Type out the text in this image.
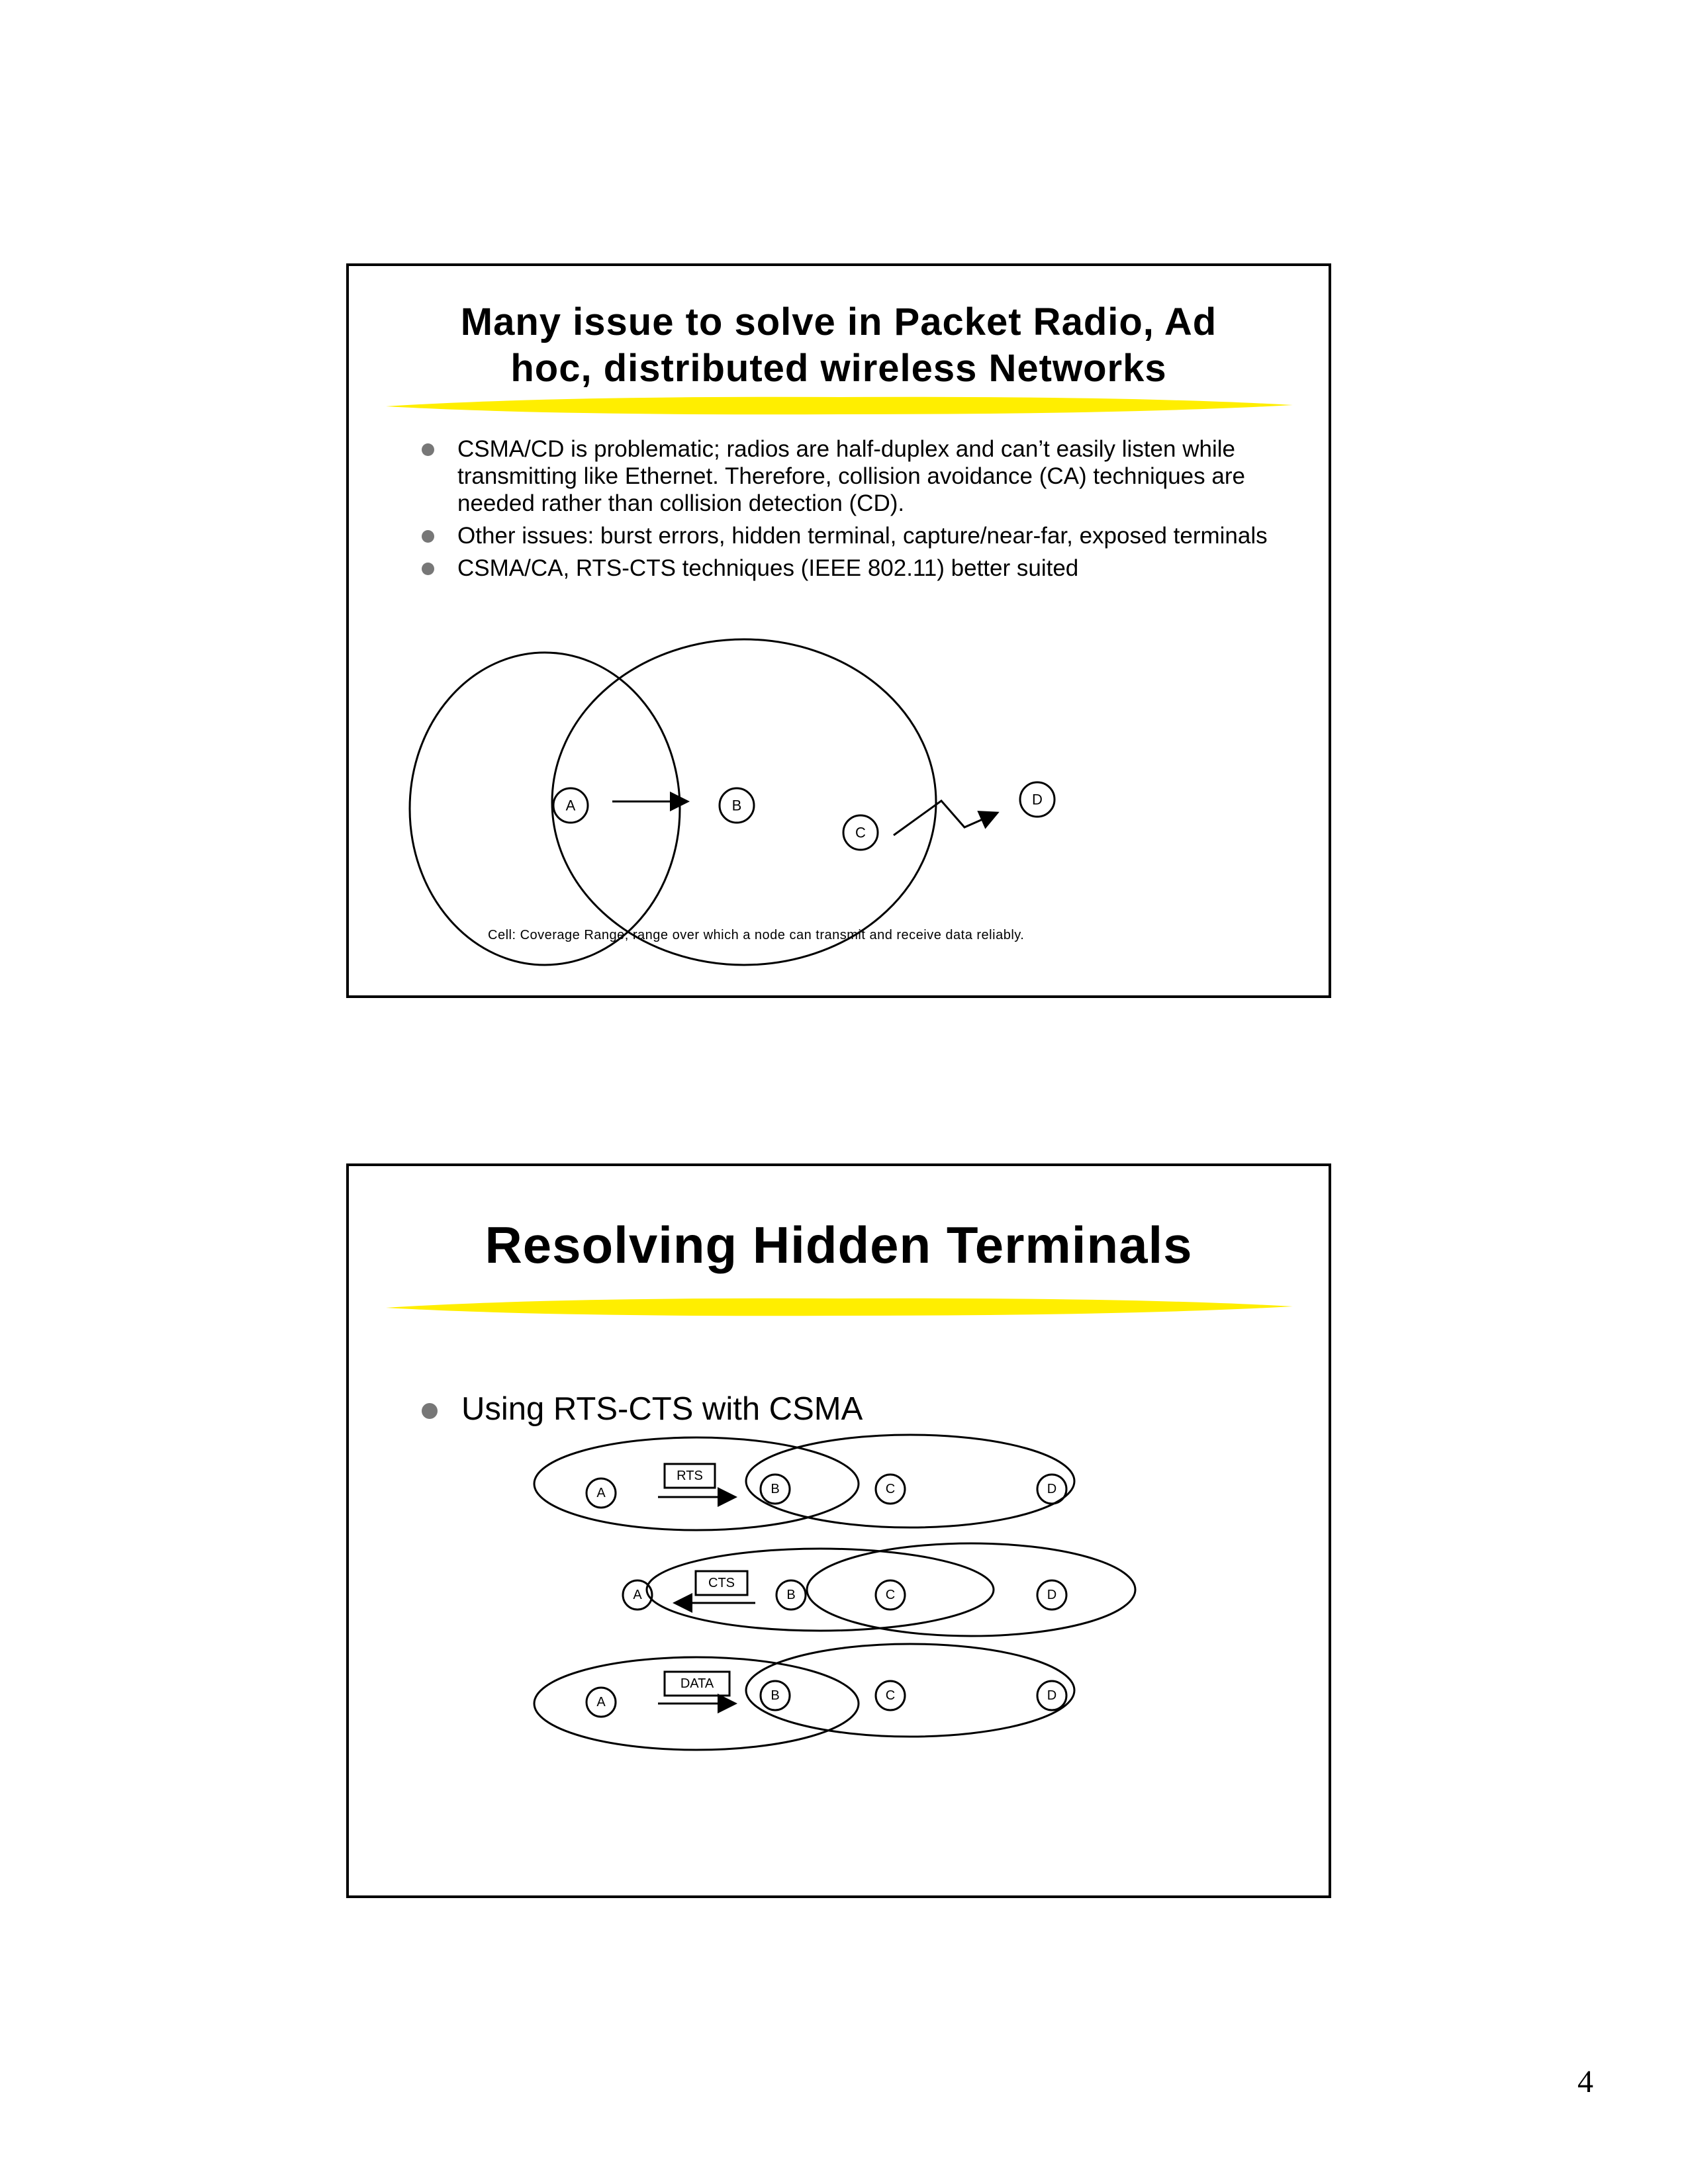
Many issue to solve in Packet Radio, Ad
hoc, distributed wireless Networks
CSMA/CD is problematic; radios are half-duplex and can’t easily listen while transmitting like Ethernet. Therefore, collision avoidance (CA) techniques are needed rather than collision detection (CD).
Other issues: burst errors, hidden terminal, capture/near-far, exposed terminals
CSMA/CA, RTS-CTS techniques (IEEE 802.11) better suited
A	B
C
D
Cell: Coverage Range, range over which a node can transmit and receive data reliably.
Resolving Hidden Terminals
Using RTS-CTS with CSMA
A	B	C	D
RTS
A	B	C	D
CTS
A	B	C	D
DATA
4
